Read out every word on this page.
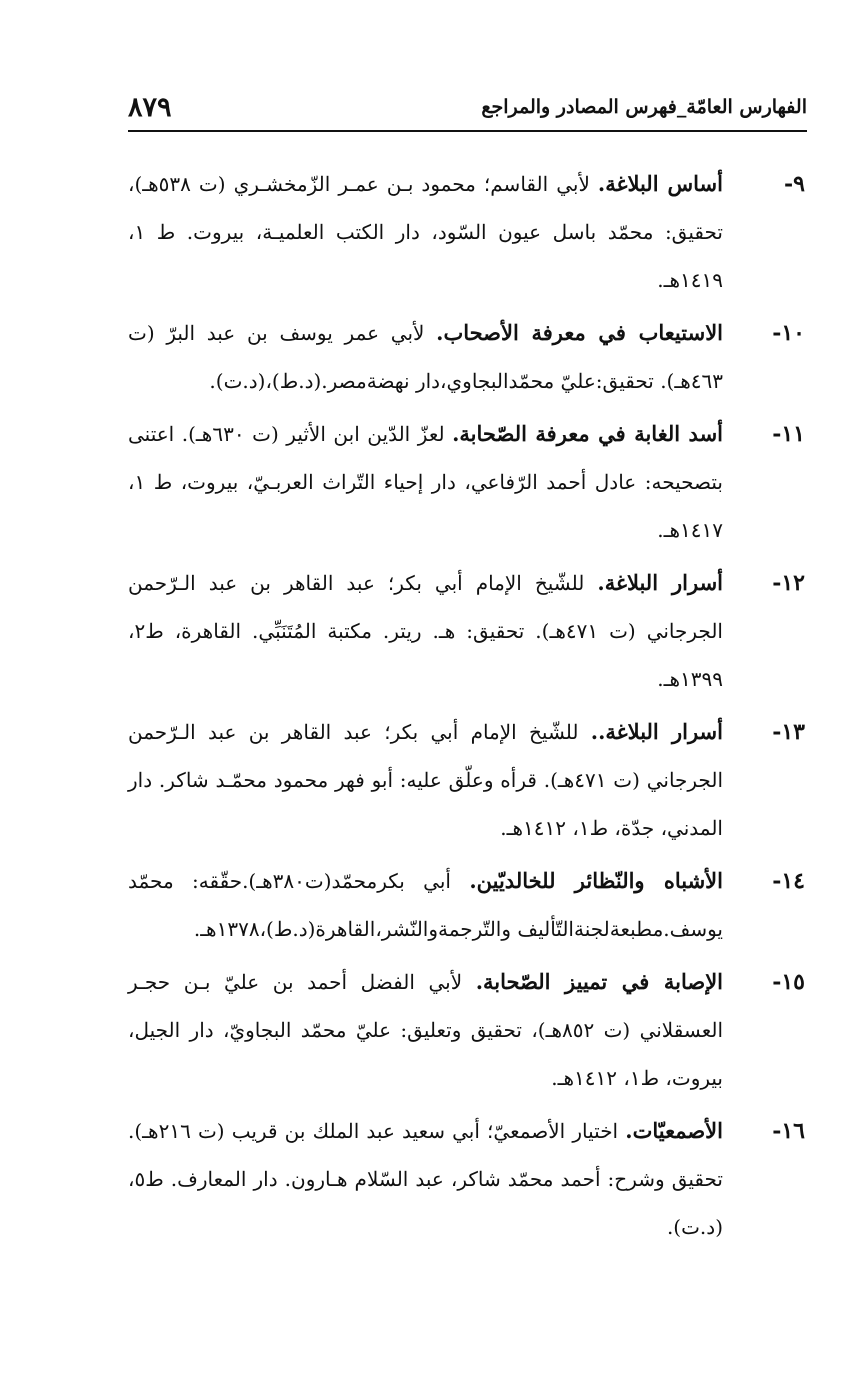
الفهارس العامّة_فهرس المصادر والمراجع
٨٧٩
٩-
أساس البلاغة. لأبي القاسم؛ محمود بـن عمـر الزّمخشـري (ت ٥٣٨هـ)، تحقيق: محمّد باسل عيون السّود، دار الكتب العلميـة، بيروت. ط ١، ١٤١٩هـ.
١٠-
الاستيعاب في معرفة الأصحاب. لأبي عمر يوسف بن عبد البرّ (ت ٤٦٣هـ). تحقيق:عليّ محمّدالبجاوي،دار نهضةمصر.(د.ط)،(د.ت).
١١-
أسد الغابة في معرفة الصّحابة. لعزّ الدّين ابن الأثير (ت ٦٣٠هـ). اعتنى بتصحيحه: عادل أحمد الرّفاعي، دار إحياء التّراث العربـيّ، بيروت، ط ١، ١٤١٧هـ.
١٢-
أسرار البلاغة. للشّيخ الإمام أبي بكر؛ عبد القاهر بن عبد الـرّحمن الجرجاني (ت ٤٧١هـ). تحقيق: هـ. ريتر. مكتبة المُتَنَبِّي. القاهرة، ط٢، ١٣٩٩هـ.
١٣-
أسرار البلاغة.. للشّيخ الإمام أبي بكر؛ عبد القاهر بن عبد الـرّحمن الجرجاني (ت ٤٧١هـ). قرأه وعلّق عليه: أبو فهر محمود محمّـد شاكر. دار المدني، جدّة، ط١، ١٤١٢هـ.
١٤-
الأشباه والنّظائر للخالديّين. أبي بكرمحمّد(ت٣٨٠هـ).حقّقه: محمّد يوسف.مطبعةلجنةالتّأليف والتّرجمةوالنّشر،القاهرة(د.ط)،١٣٧٨هـ.
١٥-
الإصابة في تمييز الصّحابة. لأبي الفضل أحمد بن عليّ بـن حجـر العسقلاني (ت ٨٥٢هـ)، تحقيق وتعليق: عليّ محمّد البجاويّ، دار الجيل، بيروت، ط١، ١٤١٢هـ.
١٦-
الأصمعيّات. اختيار الأصمعيّ؛ أبي سعيد عبد الملك بن قريب (ت ٢١٦هـ). تحقيق وشرح: أحمد محمّد شاكر، عبد السّلام هـارون. دار المعارف. ط٥، (د.ت).
